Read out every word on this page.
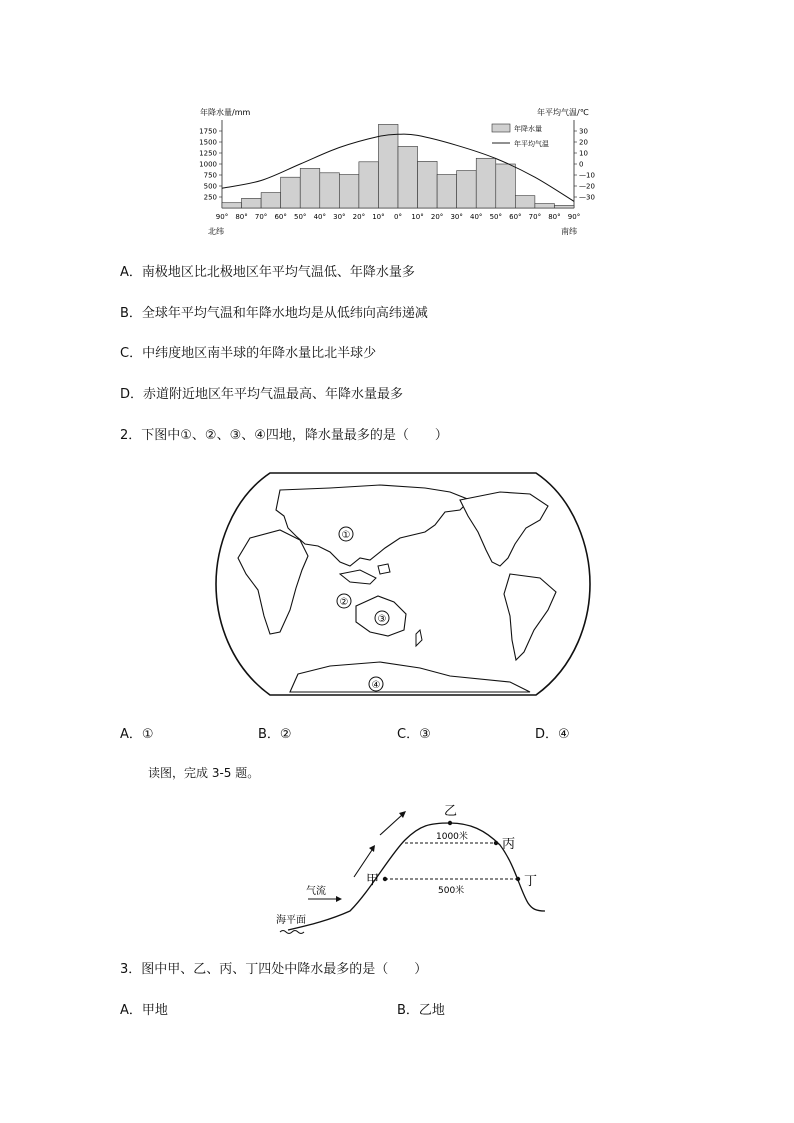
年降水量/mm	年平均气温/℃
1750
1500
1250
1000
750
500
250
30
20
10
0
—10
—20
—30
90° 80° 70° 60° 50° 40° 30° 20° 10° 0° 10° 20° 30° 40° 50° 60° 70° 80° 90°
年降水量
年平均气温
北纬	南纬
A．南极地区比北极地区年平均气温低、年降水量多
B．全球年平均气温和年降水地均是从低纬向高纬递减
C．中纬度地区南半球的年降水量比北半球少
D．赤道附近地区年平均气温最高、年降水量最多
2．下图中①、②、③、④四地，降水量最多的是（　　）
①
②
③
④
A．①	B．②	C．③	D．④
读图，完成 3-5 题。
乙
丙
甲	丁
1000米
500米
气流
海平面
3．图中甲、乙、丙、丁四处中降水最多的是（　　）
A．甲地	B．乙地
